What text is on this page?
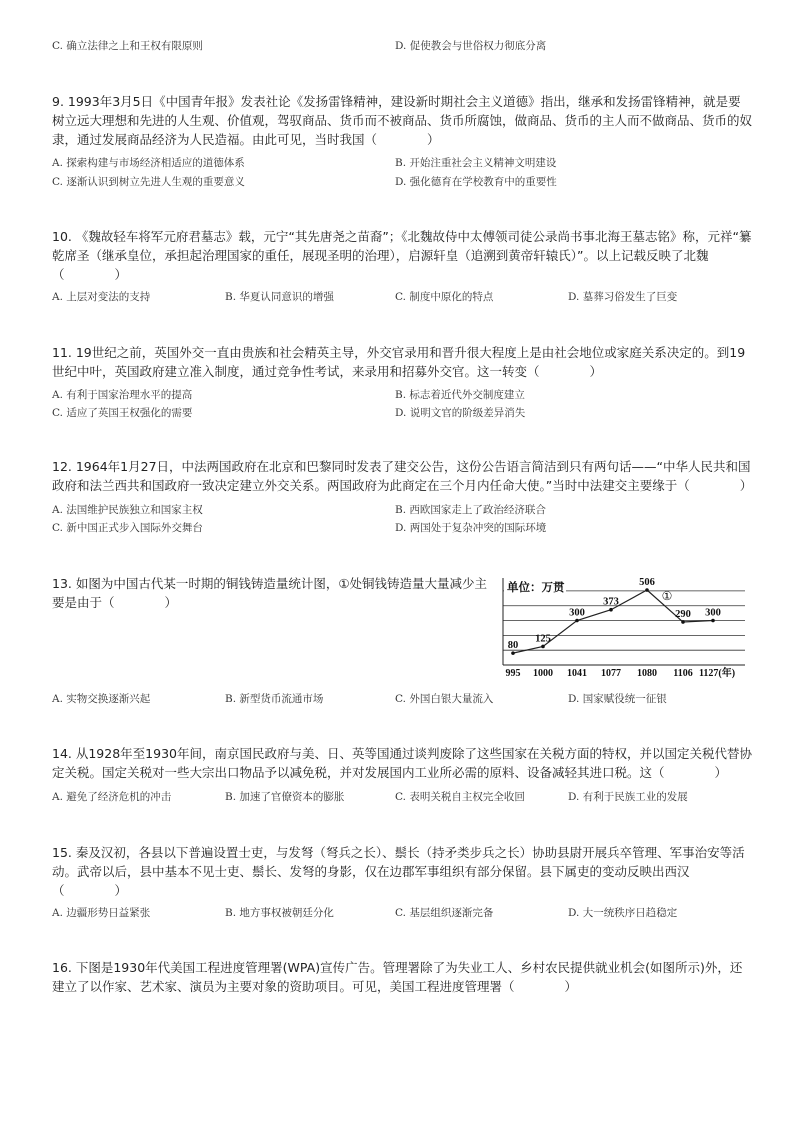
C. 确立法律之上和王权有限原则	D. 促使教会与世俗权力彻底分离
9. 1993年3月5日《中国青年报》发表社论《发扬雷锋精神，建设新时期社会主义道德》指出，继承和发扬雷锋精神，就是要树立远大理想和先进的人生观、价值观，驾驭商品、货币而不被商品、货币所腐蚀，做商品、货币的主人而不做商品、货币的奴隶，通过发展商品经济为人民造福。由此可见，当时我国（　　　　）
A. 探索构建与市场经济相适应的道德体系	B. 开始注重社会主义精神文明建设
C. 逐渐认识到树立先进人生观的重要意义	D. 强化德育在学校教育中的重要性
10. 《魏故轻车将军元府君墓志》载，元宁“其先唐尧之苗裔”；《北魏故侍中太傅领司徒公录尚书事北海王墓志铭》称，元祥“纂乾席圣（继承皇位，承担起治理国家的重任，展现圣明的治理），启源轩皇（追溯到黄帝轩辕氏）”。以上记载反映了北魏（　　　　）
A. 上层对变法的支持	B. 华夏认同意识的增强	C. 制度中原化的特点	D. 墓葬习俗发生了巨变
11. 19世纪之前，英国外交一直由贵族和社会精英主导，外交官录用和晋升很大程度上是由社会地位或家庭关系决定的。到19世纪中叶，英国政府建立准入制度，通过竞争性考试，来录用和招募外交官。这一转变（　　　　）
A. 有利于国家治理水平的提高	B. 标志着近代外交制度建立
C. 适应了英国王权强化的需要	D. 说明文官的阶级差异消失
12. 1964年1月27日，中法两国政府在北京和巴黎同时发表了建交公告，这份公告语言简洁到只有两句话——“中华人民共和国政府和法兰西共和国政府一致决定建立外交关系。两国政府为此商定在三个月内任命大使。”当时中法建交主要缘于（　　　　）
A. 法国维护民族独立和国家主权	B. 西欧国家走上了政治经济联合
C. 新中国正式步入国际外交舞台	D. 两国处于复杂冲突的国际环境
13. 如图为中国古代某一时期的铜钱铸造量统计图，①处铜钱铸造量大量减少主要是由于（　　　　）
单位：万贯
80
995
125
1000
300
1041
373
1077
506
1080
290
1106
300
1127(年)
①
A. 实物交换逐渐兴起	B. 新型货币流通市场	C. 外国白银大量流入	D. 国家赋役统一征银
14. 从1928年至1930年间，南京国民政府与美、日、英等国通过谈判废除了这些国家在关税方面的特权，并以国定关税代替协定关税。国定关税对一些大宗出口物品予以减免税，并对发展国内工业所必需的原料、设备减轻其进口税。这（　　　　）
A. 避免了经济危机的冲击	B. 加速了官僚资本的膨胀	C. 表明关税自主权完全收回	D. 有利于民族工业的发展
15. 秦及汉初，各县以下普遍设置士吏，与发弩（弩兵之长）、鬃长（持矛类步兵之长）协助县尉开展兵卒管理、军事治安等活动。武帝以后，县中基本不见士吏、鬃长、发弩的身影，仅在边郡军事组织有部分保留。县下属吏的变动反映出西汉（　　　　）
A. 边疆形势日益紧张	B. 地方事权被朝廷分化	C. 基层组织逐渐完备	D. 大一统秩序日趋稳定
16. 下图是1930年代美国工程进度管理署(WPA)宣传广告。管理署除了为失业工人、乡村农民提供就业机会(如图所示)外，还建立了以作家、艺术家、演员为主要对象的资助项目。可见，美国工程进度管理署（　　　　）
